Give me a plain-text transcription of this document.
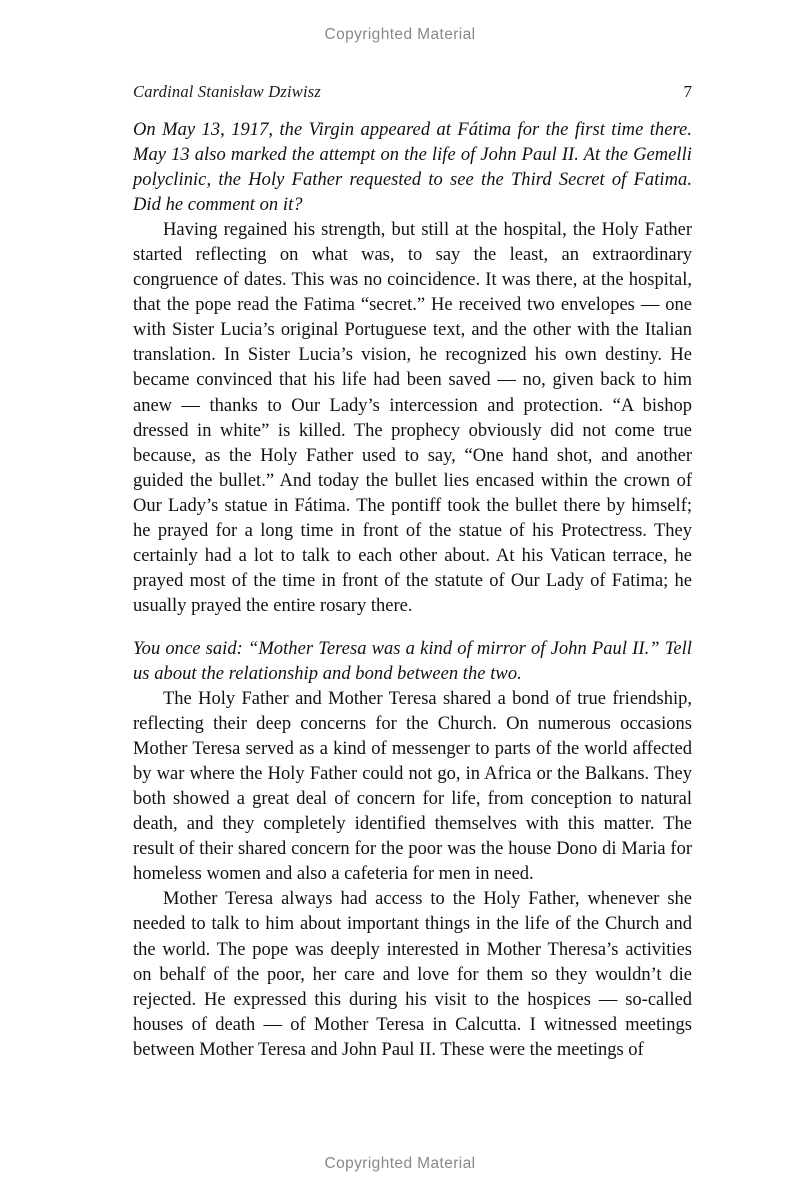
Copyrighted Material
Cardinal Stanisław Dziwisz	7

On May 13, 1917, the Virgin appeared at Fátima for the first time there. May 13 also marked the attempt on the life of John Paul II. At the Gemelli polyclinic, the Holy Father requested to see the Third Secret of Fatima. Did he comment on it?

Having regained his strength, but still at the hospital, the Holy Father started reflecting on what was, to say the least, an extraordinary congruence of dates. This was no coincidence. It was there, at the hospital, that the pope read the Fatima “secret.” He received two envelopes — one with Sister Lucia’s original Portuguese text, and the other with the Italian translation. In Sister Lucia’s vision, he recognized his own destiny. He became convinced that his life had been saved — no, given back to him anew — thanks to Our Lady’s intercession and protection. “A bishop dressed in white” is killed. The prophecy obviously did not come true because, as the Holy Father used to say, “One hand shot, and another guided the bullet.” And today the bullet lies encased within the crown of Our Lady’s statue in Fátima. The pontiff took the bullet there by himself; he prayed for a long time in front of the statue of his Protectress. They certainly had a lot to talk to each other about. At his Vatican terrace, he prayed most of the time in front of the statute of Our Lady of Fatima; he usually prayed the entire rosary there.

You once said: “Mother Teresa was a kind of mirror of John Paul II.” Tell us about the relationship and bond between the two.

The Holy Father and Mother Teresa shared a bond of true friendship, reflecting their deep concerns for the Church. On numerous occasions Mother Teresa served as a kind of messenger to parts of the world affected by war where the Holy Father could not go, in Africa or the Balkans. They both showed a great deal of concern for life, from conception to natural death, and they completely identified themselves with this matter. The result of their shared concern for the poor was the house Dono di Maria for homeless women and also a cafeteria for men in need.

Mother Teresa always had access to the Holy Father, whenever she needed to talk to him about important things in the life of the Church and the world. The pope was deeply interested in Mother Theresa’s activities on behalf of the poor, her care and love for them so they wouldn’t die rejected. He expressed this during his visit to the hospices — so-called houses of death — of Mother Teresa in Calcutta. I witnessed meetings between Mother Teresa and John Paul II. These were the meetings of

Copyrighted Material
